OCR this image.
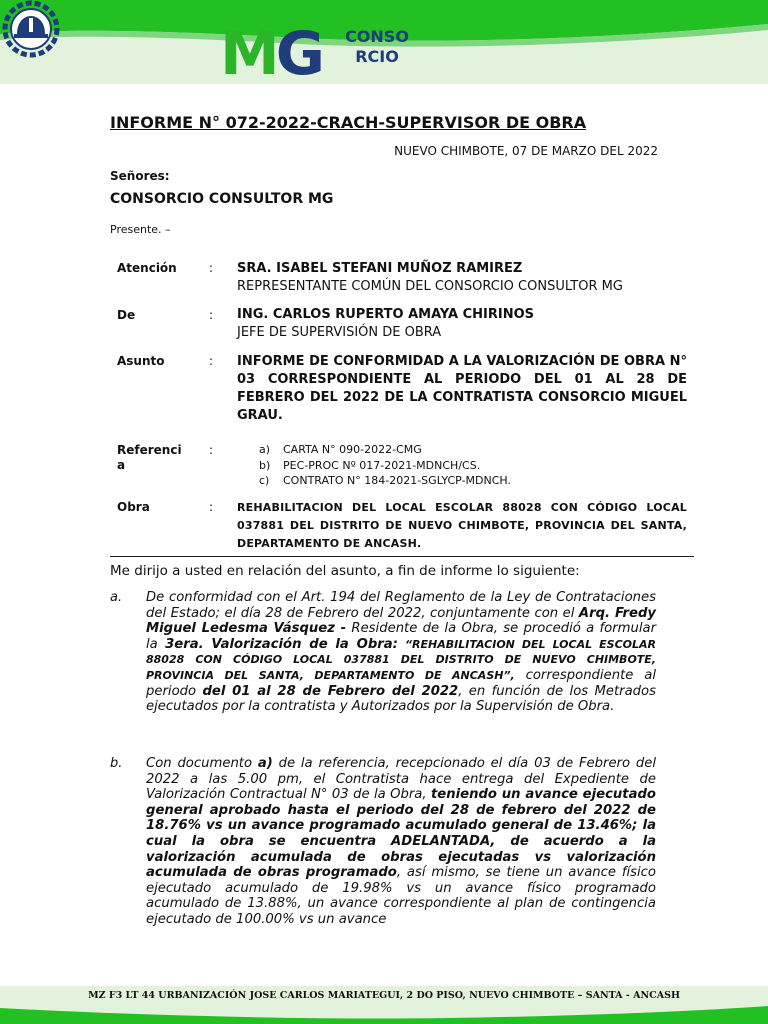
MG	CONSO
RCIO
INFORME N° 072-2022-CRACH-SUPERVISOR DE OBRA
NUEVO CHIMBOTE, 07 DE MARZO DEL 2022
Señores:
CONSORCIO CONSULTOR MG
Presente. –
Atención	: SRA. ISABEL STEFANI MUÑOZ RAMIREZ
REPRESENTANTE COMÚN DEL CONSORCIO CONSULTOR MG
De	: ING. CARLOS RUPERTO AMAYA CHIRINOS
JEFE DE SUPERVISIÓN DE OBRA
Asunto	: INFORME DE CONFORMIDAD A LA VALORIZACIÓN DE OBRA N° 03 CORRESPONDIENTE AL PERIODO DEL 01 AL 28 DE FEBRERO DEL 2022 DE LA CONTRATISTA CONSORCIO MIGUEL GRAU.
Referenci
a
:	a) CARTA N° 090-2022-CMG
b) PEC-PROC Nº 017-2021-MDNCH/CS.
c) CONTRATO N° 184-2021-SGLYCP-MDNCH.
Obra	: REHABILITACION DEL LOCAL ESCOLAR 88028 CON CÓDIGO LOCAL 037881 DEL DISTRITO DE NUEVO CHIMBOTE, PROVINCIA DEL SANTA, DEPARTAMENTO DE ANCASH.
Me dirijo a usted en relación del asunto, a fin de informe lo siguiente:
a. De conformidad con el Art. 194 del Reglamento de la Ley de Contrataciones del Estado; el día 28 de Febrero del 2022, conjuntamente con el Arq. Fredy Miguel Ledesma Vásquez - Residente de la Obra, se procedió a formular la 3era. Valorización de la Obra: “REHABILITACION DEL LOCAL ESCOLAR 88028 CON CÓDIGO LOCAL 037881 DEL DISTRITO DE NUEVO CHIMBOTE, PROVINCIA DEL SANTA, DEPARTAMENTO DE ANCASH”, correspondiente al periodo del 01 al 28 de Febrero del 2022, en función de los Metrados ejecutados por la contratista y Autorizados por la Supervisión de Obra.
b. Con documento a) de la referencia, recepcionado el día 03 de Febrero del 2022 a las 5.00 pm, el Contratista hace entrega del Expediente de Valorización Contractual N° 03 de la Obra, teniendo un avance ejecutado general aprobado hasta el periodo del 28 de febrero del 2022 de 18.76% vs un avance programado acumulado general de 13.46%; la cual la obra se encuentra ADELANTADA, de acuerdo a la valorización acumulada de obras ejecutadas vs valorización acumulada de obras programado, así mismo, se tiene un avance físico ejecutado acumulado de 19.98% vs un avance físico programado acumulado de 13.88%, un avance correspondiente al plan de contingencia ejecutado de 100.00% vs un avance
MZ F3 LT 44 URBANIZACIÓN JOSE CARLOS MARIATEGUI, 2 DO PISO, NUEVO CHIMBOTE – SANTA - ANCASH
